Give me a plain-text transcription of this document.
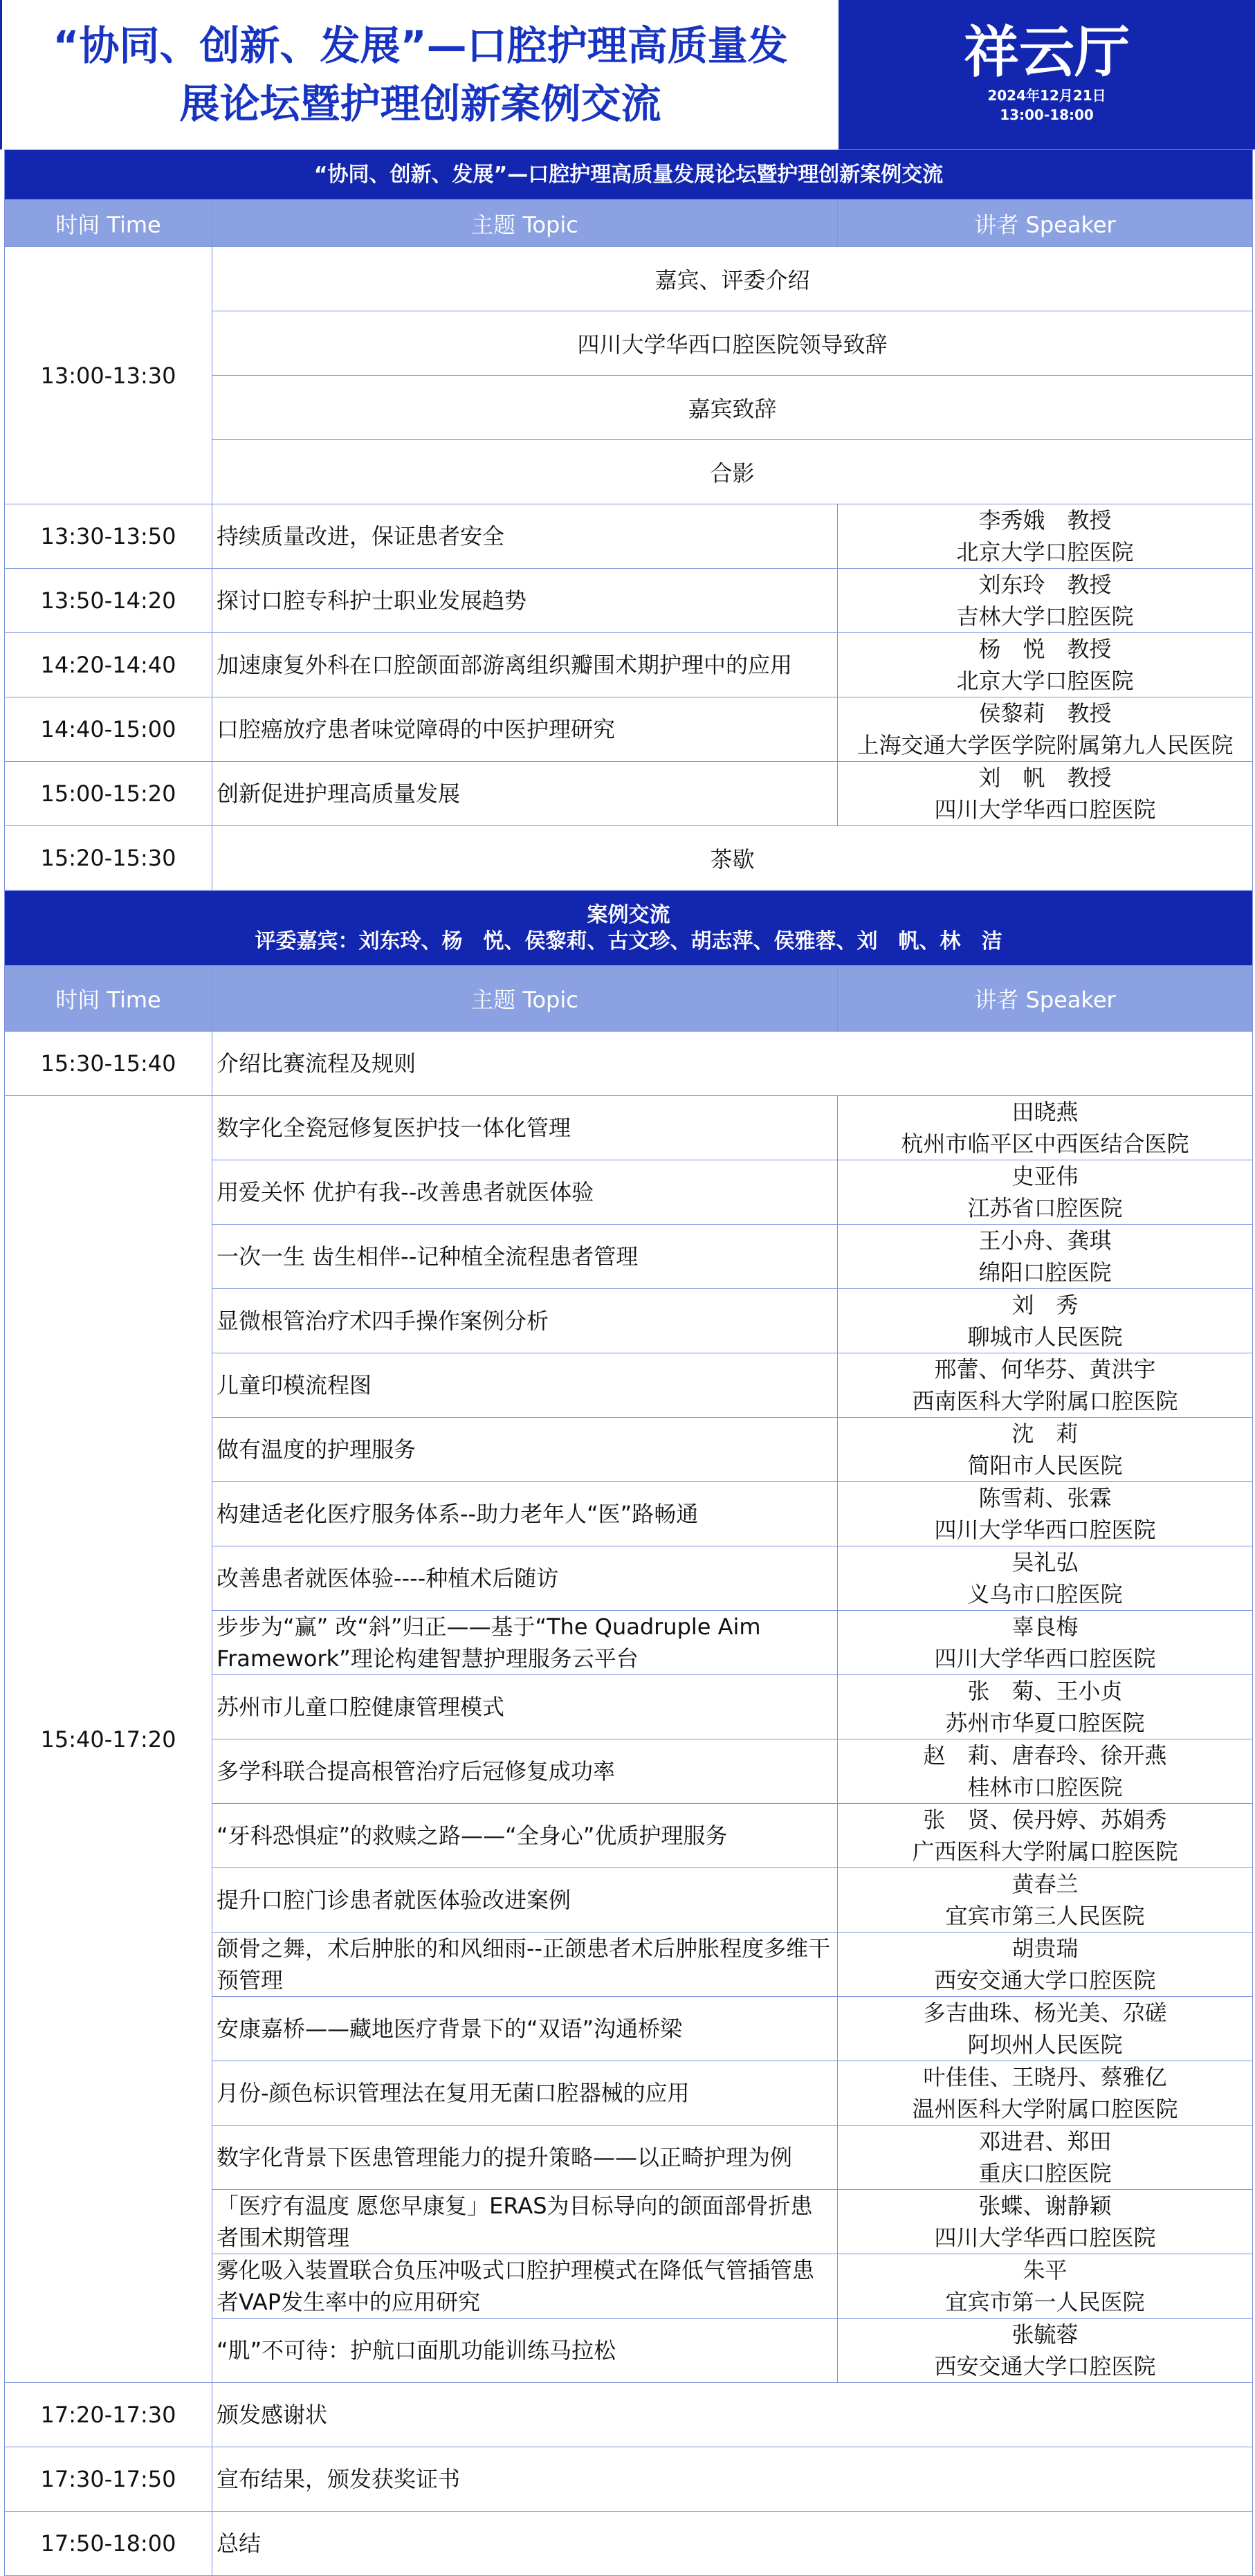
“协同、创新、发展”—口腔护理高质量发
展论坛暨护理创新案例交流
祥云厅
2024年12月21日
13:00-18:00
“协同、创新、发展”—口腔护理高质量发展论坛暨护理创新案例交流		
时间 Time	主题 Topic	讲者 Speaker
13:00-13:30	嘉宾、评委介绍	
	四川大学华西口腔医院领导致辞	
	嘉宾致辞	
	合影	
13:30-13:50	持续质量改进，保证患者安全	李秀娥　教授
北京大学口腔医院
13:50-14:20	探讨口腔专科护士职业发展趋势	刘东玲　教授
吉林大学口腔医院
14:20-14:40	加速康复外科在口腔颌面部游离组织瓣围术期护理中的应用	杨　悦　教授
北京大学口腔医院
14:40-15:00	口腔癌放疗患者味觉障碍的中医护理研究	侯黎莉　教授
上海交通大学医学院附属第九人民医院
15:00-15:20	创新促进护理高质量发展	刘　帆　教授
四川大学华西口腔医院
15:20-15:30	茶歇	
案例交流
评委嘉宾：刘东玲、杨　悦、侯黎莉、古文珍、胡志萍、侯雅蓉、刘　帆、林　洁		
时间 Time	主题 Topic	讲者 Speaker
15:30-15:40	介绍比赛流程及规则	
15:40-17:20	数字化全瓷冠修复医护技一体化管理	田晓燕
杭州市临平区中西医结合医院
	用爱关怀 优护有我--改善患者就医体验	史亚伟
江苏省口腔医院
	一次一生 齿生相伴--记种植全流程患者管理	王小舟、龚琪
绵阳口腔医院
	显微根管治疗术四手操作案例分析	刘　秀
聊城市人民医院
	儿童印模流程图	邢蕾、何华芬、黄洪宇
西南医科大学附属口腔医院
	做有温度的护理服务	沈　莉
简阳市人民医院
	构建适老化医疗服务体系--助力老年人“医”路畅通	陈雪莉、张霖
四川大学华西口腔医院
	改善患者就医体验----种植术后随访	吴礼弘
义乌市口腔医院
	步步为“赢” 改“斜”归正——基于“The Quadruple Aim Framework”理论构建智慧护理服务云平台	辜良梅
四川大学华西口腔医院
	苏州市儿童口腔健康管理模式	张　菊、王小贞
苏州市华夏口腔医院
	多学科联合提高根管治疗后冠修复成功率	赵　莉、唐春玲、徐开燕
桂林市口腔医院
	“牙科恐惧症”的救赎之路——“全身心”优质护理服务	张　贤、侯丹婷、苏娟秀
广西医科大学附属口腔医院
	提升口腔门诊患者就医体验改进案例	黄春兰
宜宾市第三人民医院
	颌骨之舞，术后肿胀的和风细雨--正颌患者术后肿胀程度多维干预管理	胡贵瑞
西安交通大学口腔医院
	安康嘉桥——藏地医疗背景下的“双语”沟通桥梁	多吉曲珠、杨光美、尕磋
阿坝州人民医院
	月份-颜色标识管理法在复用无菌口腔器械的应用	叶佳佳、王晓丹、蔡雅亿
温州医科大学附属口腔医院
	数字化背景下医患管理能力的提升策略——以正畸护理为例	邓进君、郑田
重庆口腔医院
	「医疗有温度 愿您早康复」ERAS为目标导向的颌面部骨折患者围术期管理	张蝶、谢静颖
四川大学华西口腔医院
	雾化吸入装置联合负压冲吸式口腔护理模式在降低气管插管患者VAP发生率中的应用研究	朱平
宜宾市第一人民医院
	“肌”不可待：护航口面肌功能训练马拉松	张毓蓉
西安交通大学口腔医院
17:20-17:30	颁发感谢状	
17:30-17:50	宣布结果，颁发获奖证书	
17:50-18:00	总结	
